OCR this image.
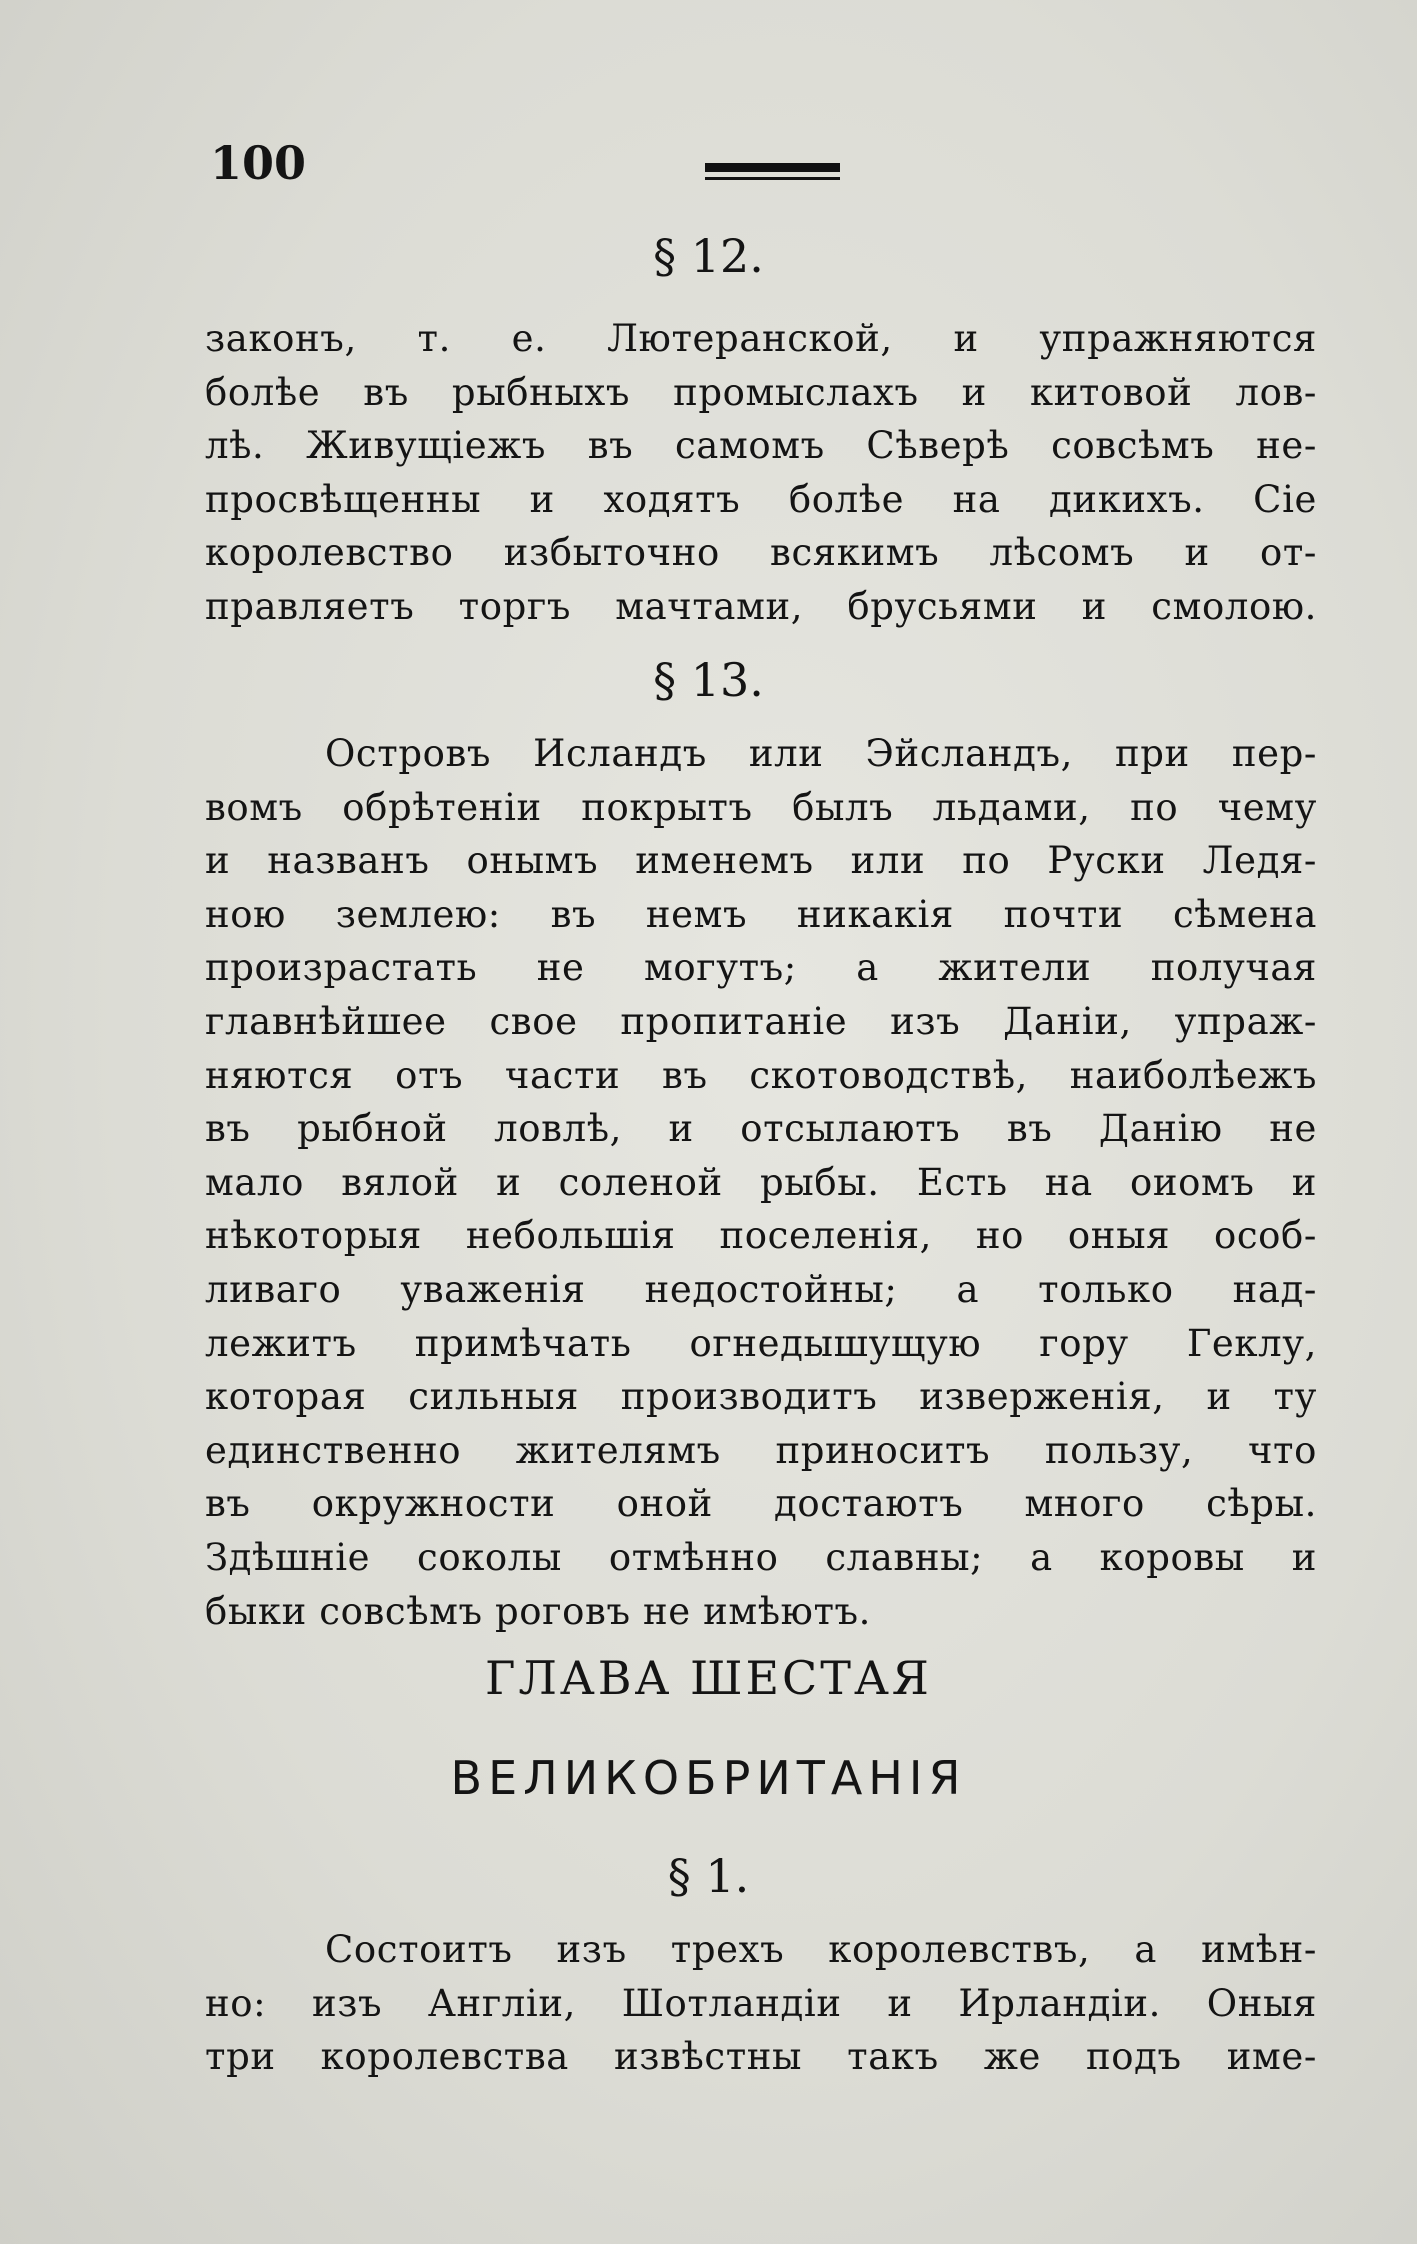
100
§ 12.
законъ, т. е. Лютеранской, и упражняются
болѣе въ рыбныхъ промыслахъ и китовой лов-
лѣ. Живущіежъ въ самомъ Сѣверѣ совсѣмъ не-
просвѣщенны и ходятъ болѣе на дикихъ. Сіе
королевство избыточно всякимъ лѣсомъ и от-
правляетъ торгъ мачтами, брусьями и смолою.
§ 13.
Островъ Исландъ или Эйсландъ, при пер-
вомъ обрѣтеніи покрытъ былъ льдами, по чему
и названъ онымъ именемъ или по Руски Ледя-
ною землею: въ немъ никакія почти сѣмена
произрастать не могутъ; а жители получая
главнѣйшее свое пропитаніе изъ Даніи, упраж-
няются отъ части въ скотоводствѣ, наиболѣежъ
въ рыбной ловлѣ, и отсылаютъ въ Данію не
мало вялой и соленой рыбы. Есть на оиомъ и
нѣкоторыя небольшія поселенія, но оныя особ-
ливаго уваженія недостойны; а только над-
лежитъ примѣчать огнедышущую гору Геклу,
которая сильныя производитъ изверженія, и ту
единственно жителямъ приноситъ пользу, что
въ окружности оной достаютъ много сѣры.
Здѣшніе соколы отмѣнно славны; а коровы и
быки совсѣмъ роговъ не имѣютъ.
ГЛАВА ШЕСТАЯ
ВЕЛИКОБРИТАНІЯ
§ 1.
Состоитъ изъ трехъ королевствъ, а имѣн-
но: изъ Англіи, Шотландіи и Ирландіи. Оныя
три королевства извѣстны такъ же подъ име-
